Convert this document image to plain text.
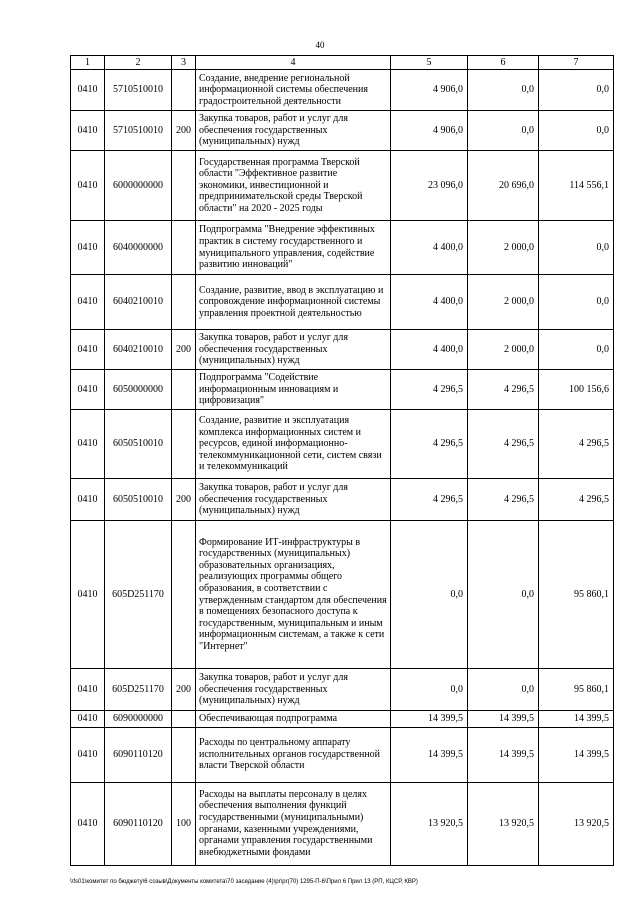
40
1	2	3	4	5	6	7
0410	5710510010		Создание, внедрение региональной информационной системы обеспечения градостроительной деятельности	4 906,0	0,0	0,0
0410	5710510010	200	Закупка товаров, работ и услуг для обеспечения государственных (муниципальных) нужд	4 906,0	0,0	0,0
0410	6000000000		Государственная программа Тверской области "Эффективное развитие экономики, инвестиционной и предпринимательской среды Тверской области" на 2020 - 2025 годы	23 096,0	20 696,0	114 556,1
0410	6040000000		Подпрограмма "Внедрение эффективных практик в систему государственного и муниципального управления, содействие развитию инноваций"	4 400,0	2 000,0	0,0
0410	6040210010		Создание, развитие, ввод в эксплуатацию и сопровождение информационной системы управления проектной деятельностью	4 400,0	2 000,0	0,0
0410	6040210010	200	Закупка товаров, работ и услуг для обеспечения государственных (муниципальных) нужд	4 400,0	2 000,0	0,0
0410	6050000000		Подпрограмма "Содействие информационным инновациям и цифровизация"	4 296,5	4 296,5	100 156,6
0410	6050510010		Создание, развитие и эксплуатация комплекса информационных систем и ресурсов, единой информационно-телекоммуникационной сети, систем связи и телекоммуникаций	4 296,5	4 296,5	4 296,5
0410	6050510010	200	Закупка товаров, работ и услуг для обеспечения государственных (муниципальных) нужд	4 296,5	4 296,5	4 296,5
0410	605D251170		Формирование ИТ-инфраструктуры в государственных (муниципальных) образовательных организациях, реализующих программы общего образования, в соответствии с утвержденным стандартом для обеспечения в помещениях безопасного доступа к государственным, муниципальным и иным информационным системам, а также к сети "Интернет"	0,0	0,0	95 860,1
0410	605D251170	200	Закупка товаров, работ и услуг для обеспечения государственных (муниципальных) нужд	0,0	0,0	95 860,1
0410	6090000000		Обеспечивающая подпрограмма	14 399,5	14 399,5	14 399,5
0410	6090110120		Расходы по центральному аппарату исполнительных органов государственной власти Тверской области	14 399,5	14 399,5	14 399,5
0410	6090110120	100	Расходы на выплаты персоналу в целях обеспечения выполнения функций государственными (муниципальными) органами, казенными учреждениями, органами управления государственными внебюджетными фондами	13 920,5	13 920,5	13 920,5
\\fs01\комитет по бюджету\6 созыв\Документы комитета\70 заседание (4)\pr\pr(70) 1295-П-6\Прил 6 Прил 13 (РП, КЦСР, КВР)
